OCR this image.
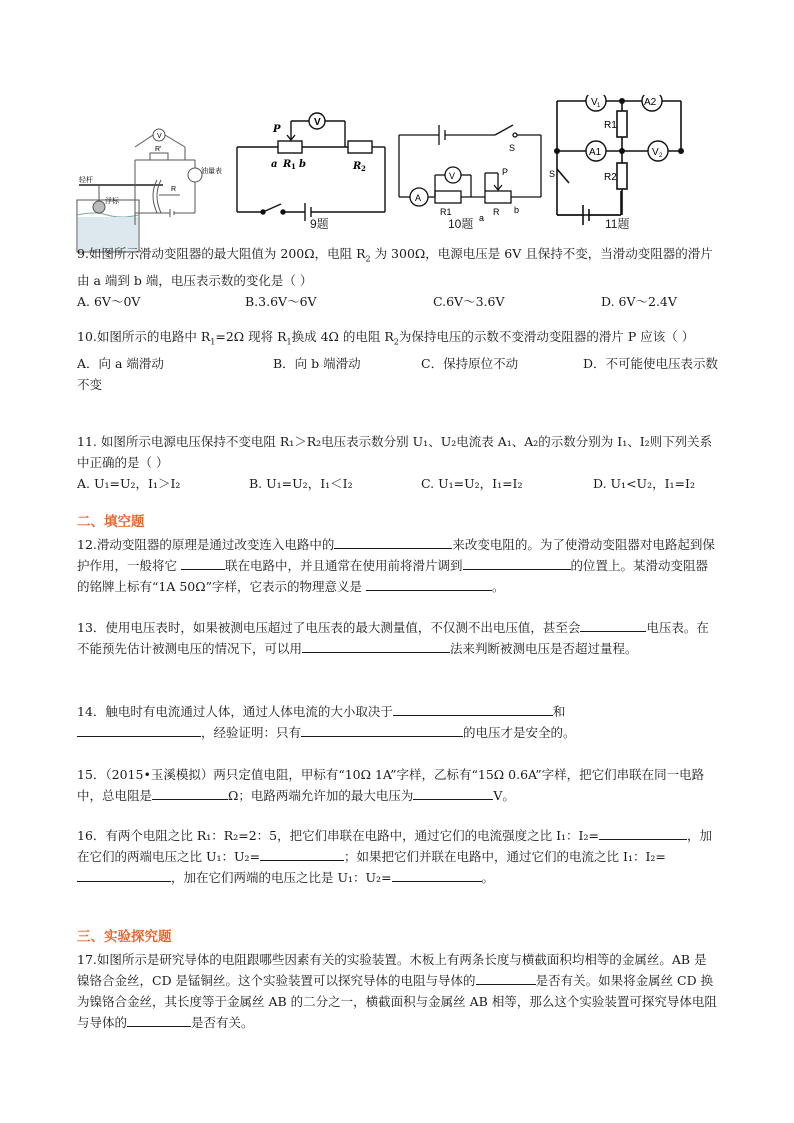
V
R'
R
轻杆
浮标
油量表
V
P
a R 1 b	R 2
9题
A
V
R1	R
a
b
P
S
10题
V 1	A2
R1
A1	V 2
R2
S
11题

9.如图所示滑动变阻器的最大阻值为 200Ω，电阻 $R_2$ 为 300Ω，电源电压是 6V 且保持不变，当滑动变阻器的滑片由 a 端到 b 端，电压表示数的变化是（ ）

A. 6V～0V	B.3.6V～6V	C.6V～3.6V	D. 6V～2.4V

10.如图所示的电路中 $R_1=2\Omega$ 现将 $R_1$换成 4Ω 的电阻 $R_2$为保持电压的示数不变滑动变阻器的滑片 P 应该（ ）

A．向 a 端滑动	B．向 b 端滑动	C．保持原位不动	D．不可能使电压表示数不变

11. 如图所示电源电压保持不变电阻 R₁＞R₂电压表示数分别 U₁、U₂电流表 A₁、A₂的示数分别为 I₁、I₂则下列关系中正确的是（ ）

A. U₁=U₂，I₁＞I₂	B. U₁=U₂，I₁＜I₂	C. U₁=U₂，I₁=I₂	D. U₁<U₂，I₁=I₂
二、填空题
12.滑动变阻器的原理是通过改变连入电路中的	来改变电阻的。为了使滑动变阻器对电路起到保护作用，一般将它	联在电路中，并且通常在使用前将滑片调到	的位置上。某滑动变阻器的铭牌上标有“1A 50Ω”字样，它表示的物理意义是	。
13．使用电压表时，如果被测电压超过了电压表的最大测量值，不仅测不出电压值，甚至会	电压表。在不能预先估计被测电压的情况下，可以用	法来判断被测电压是否超过量程。
14．触电时有电流通过人体，通过人体电流的大小取决于	和
，经验证明：只有	的电压才是安全的。
15．（2015•玉溪模拟）两只定值电阻，甲标有“10Ω 1A”字样，乙标有“15Ω 0.6A”字样，把它们串联在同一电路中，总电阻是	Ω；电路两端允许加的最大电压为	V。
16．有两个电阻之比 R₁：R₂=2：5，把它们串联在电路中，通过它们的电流强度之比 I₁：I₂=	，加在它们的两端电压之比 U₁：U₂=	；如果把它们并联在电路中，通过它们的电流之比 I₁：I₂=，加在它们两端的电压之比是 U₁：U₂=	。
三、实验探究题
17.如图所示是研究导体的电阻跟哪些因素有关的实验装置。木板上有两条长度与横截面积均相等的金属丝。AB 是镍铬合金丝，CD 是锰铜丝。这个实验装置可以探究导体的电阻与导体的	是否有关。如果将金属丝 CD 换为镍铬合金丝，其长度等于金属丝 AB 的二分之一，横截面积与金属丝 AB 相等，那么这个实验装置可探究导体电阻与导体的	是否有关。
